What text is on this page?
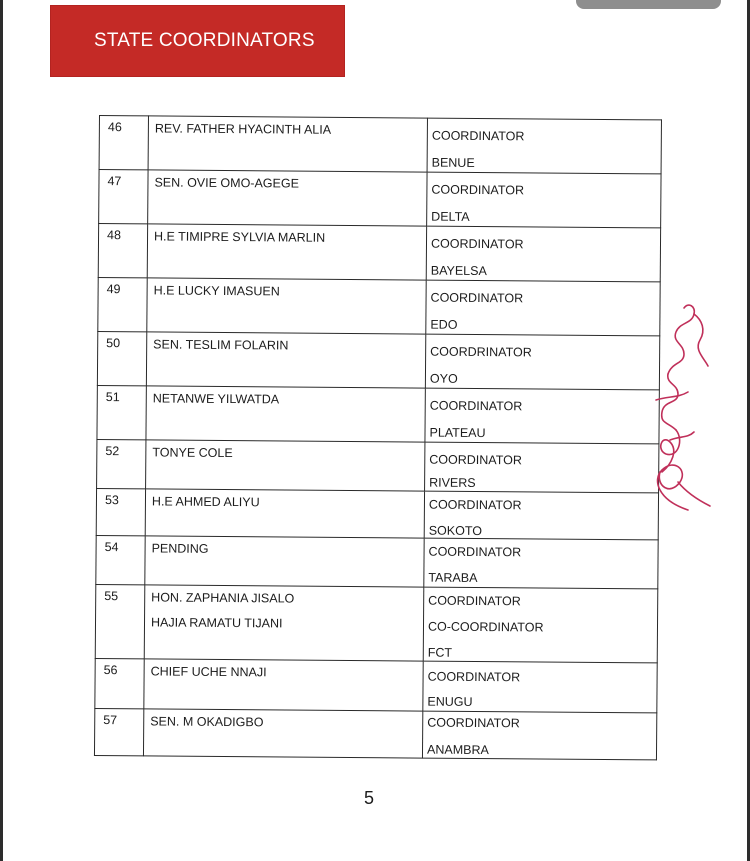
STATE COORDINATORS
46	REV. FATHER HYACINTH ALIA	COORDINATOR
BENUE

47	SEN. OVIE OMO-AGEGE	COORDINATOR
DELTA

48	H.E TIMIPRE SYLVIA MARLIN	COORDINATOR
BAYELSA

49	H.E LUCKY IMASUEN	COORDINATOR
EDO

50	SEN. TESLIM FOLARIN	COORDRINATOR
OYO

51	NETANWE YILWATDA	COORDINATOR
PLATEAU

52	TONYE COLE	COORDINATOR
RIVERS

53	H.E AHMED ALIYU	COORDINATOR
SOKOTO

54	PENDING	COORDINATOR
TARABA

55	HON. ZAPHANIA JISALO
HAJIA RAMATU TIJANI	COORDINATOR
CO-COORDINATOR
FCT

56	CHIEF UCHE NNAJI	COORDINATOR
ENUGU

57	SEN. M OKADIGBO	COORDINATOR
ANAMBRA
5
